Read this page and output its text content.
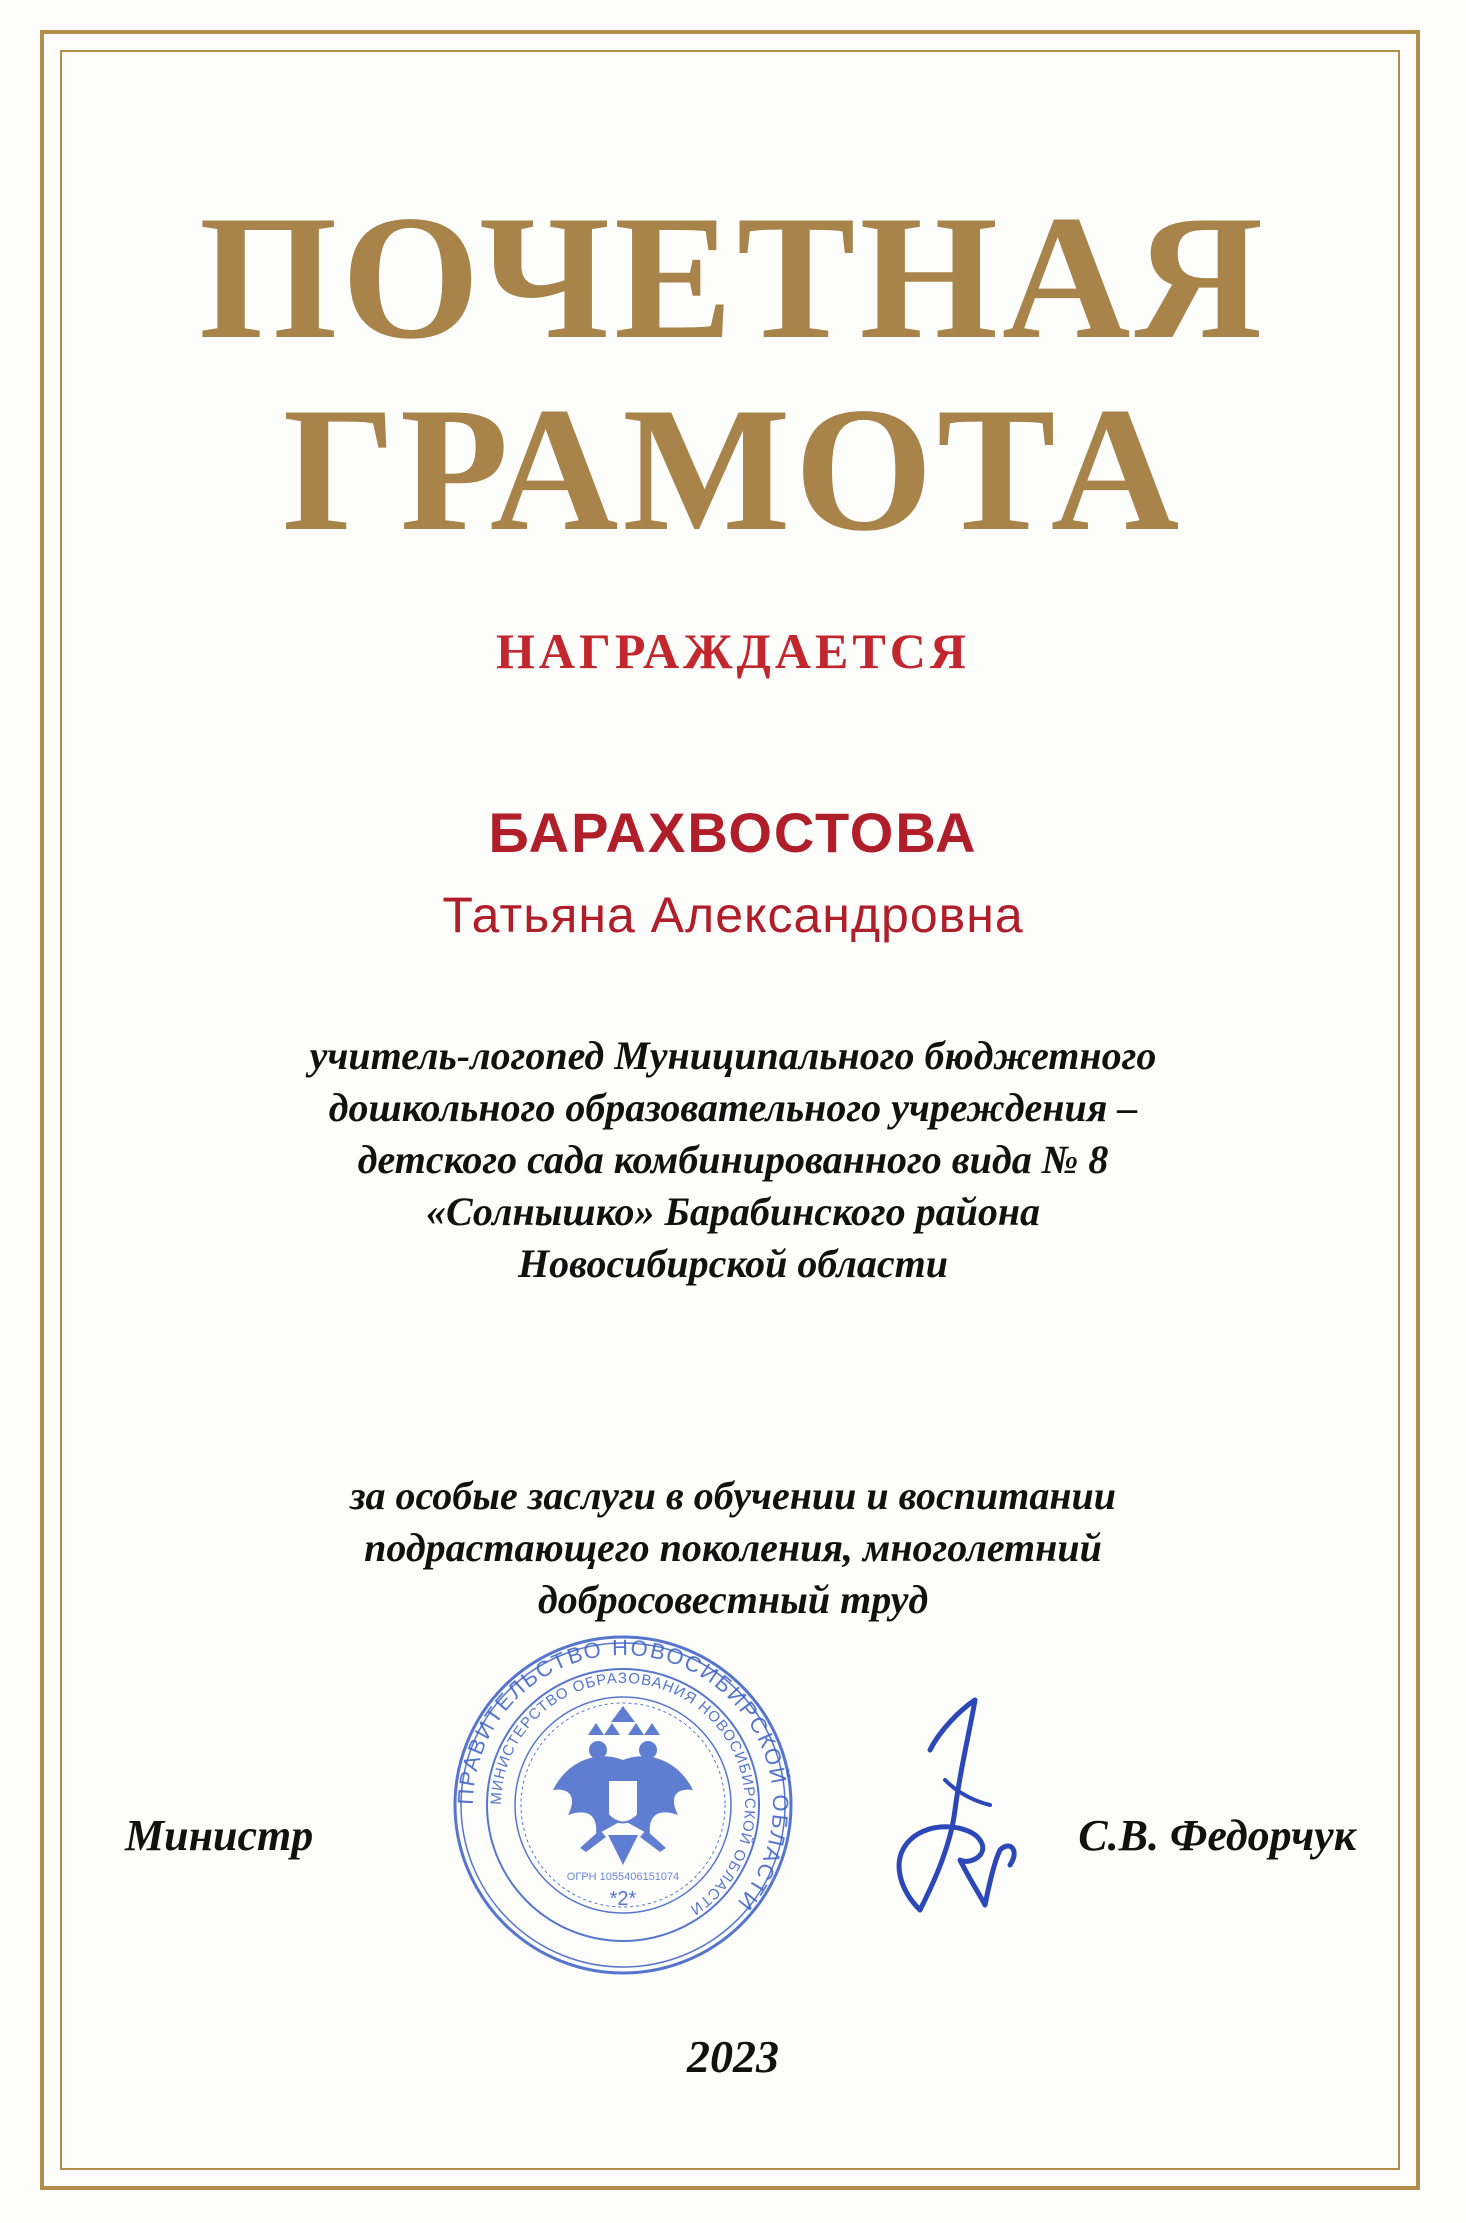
ПОЧЕТНАЯ
ГРАМОТА
НАГРАЖДАЕТСЯ
БАРАХВОСТОВА
Татьяна Александровна
учитель-логопед Муниципального бюджетного
дошкольного образовательного учреждения –
детского сада комбинированного вида № 8
«Солнышко» Барабинского района
Новосибирской области
за особые заслуги в обучении и воспитании
подрастающего поколения, многолетний
добросовестный труд
ПРАВИТЕЛЬСТВО НОВОСИБИРСКОЙ ОБЛАСТИ
МИНИСТЕРСТВО ОБРАЗОВАНИЯ НОВОСИБИРСКОЙ ОБЛАСТИ
*2*
ОГРН 1055406151074
Министр	С.В. Федорчук
2023
